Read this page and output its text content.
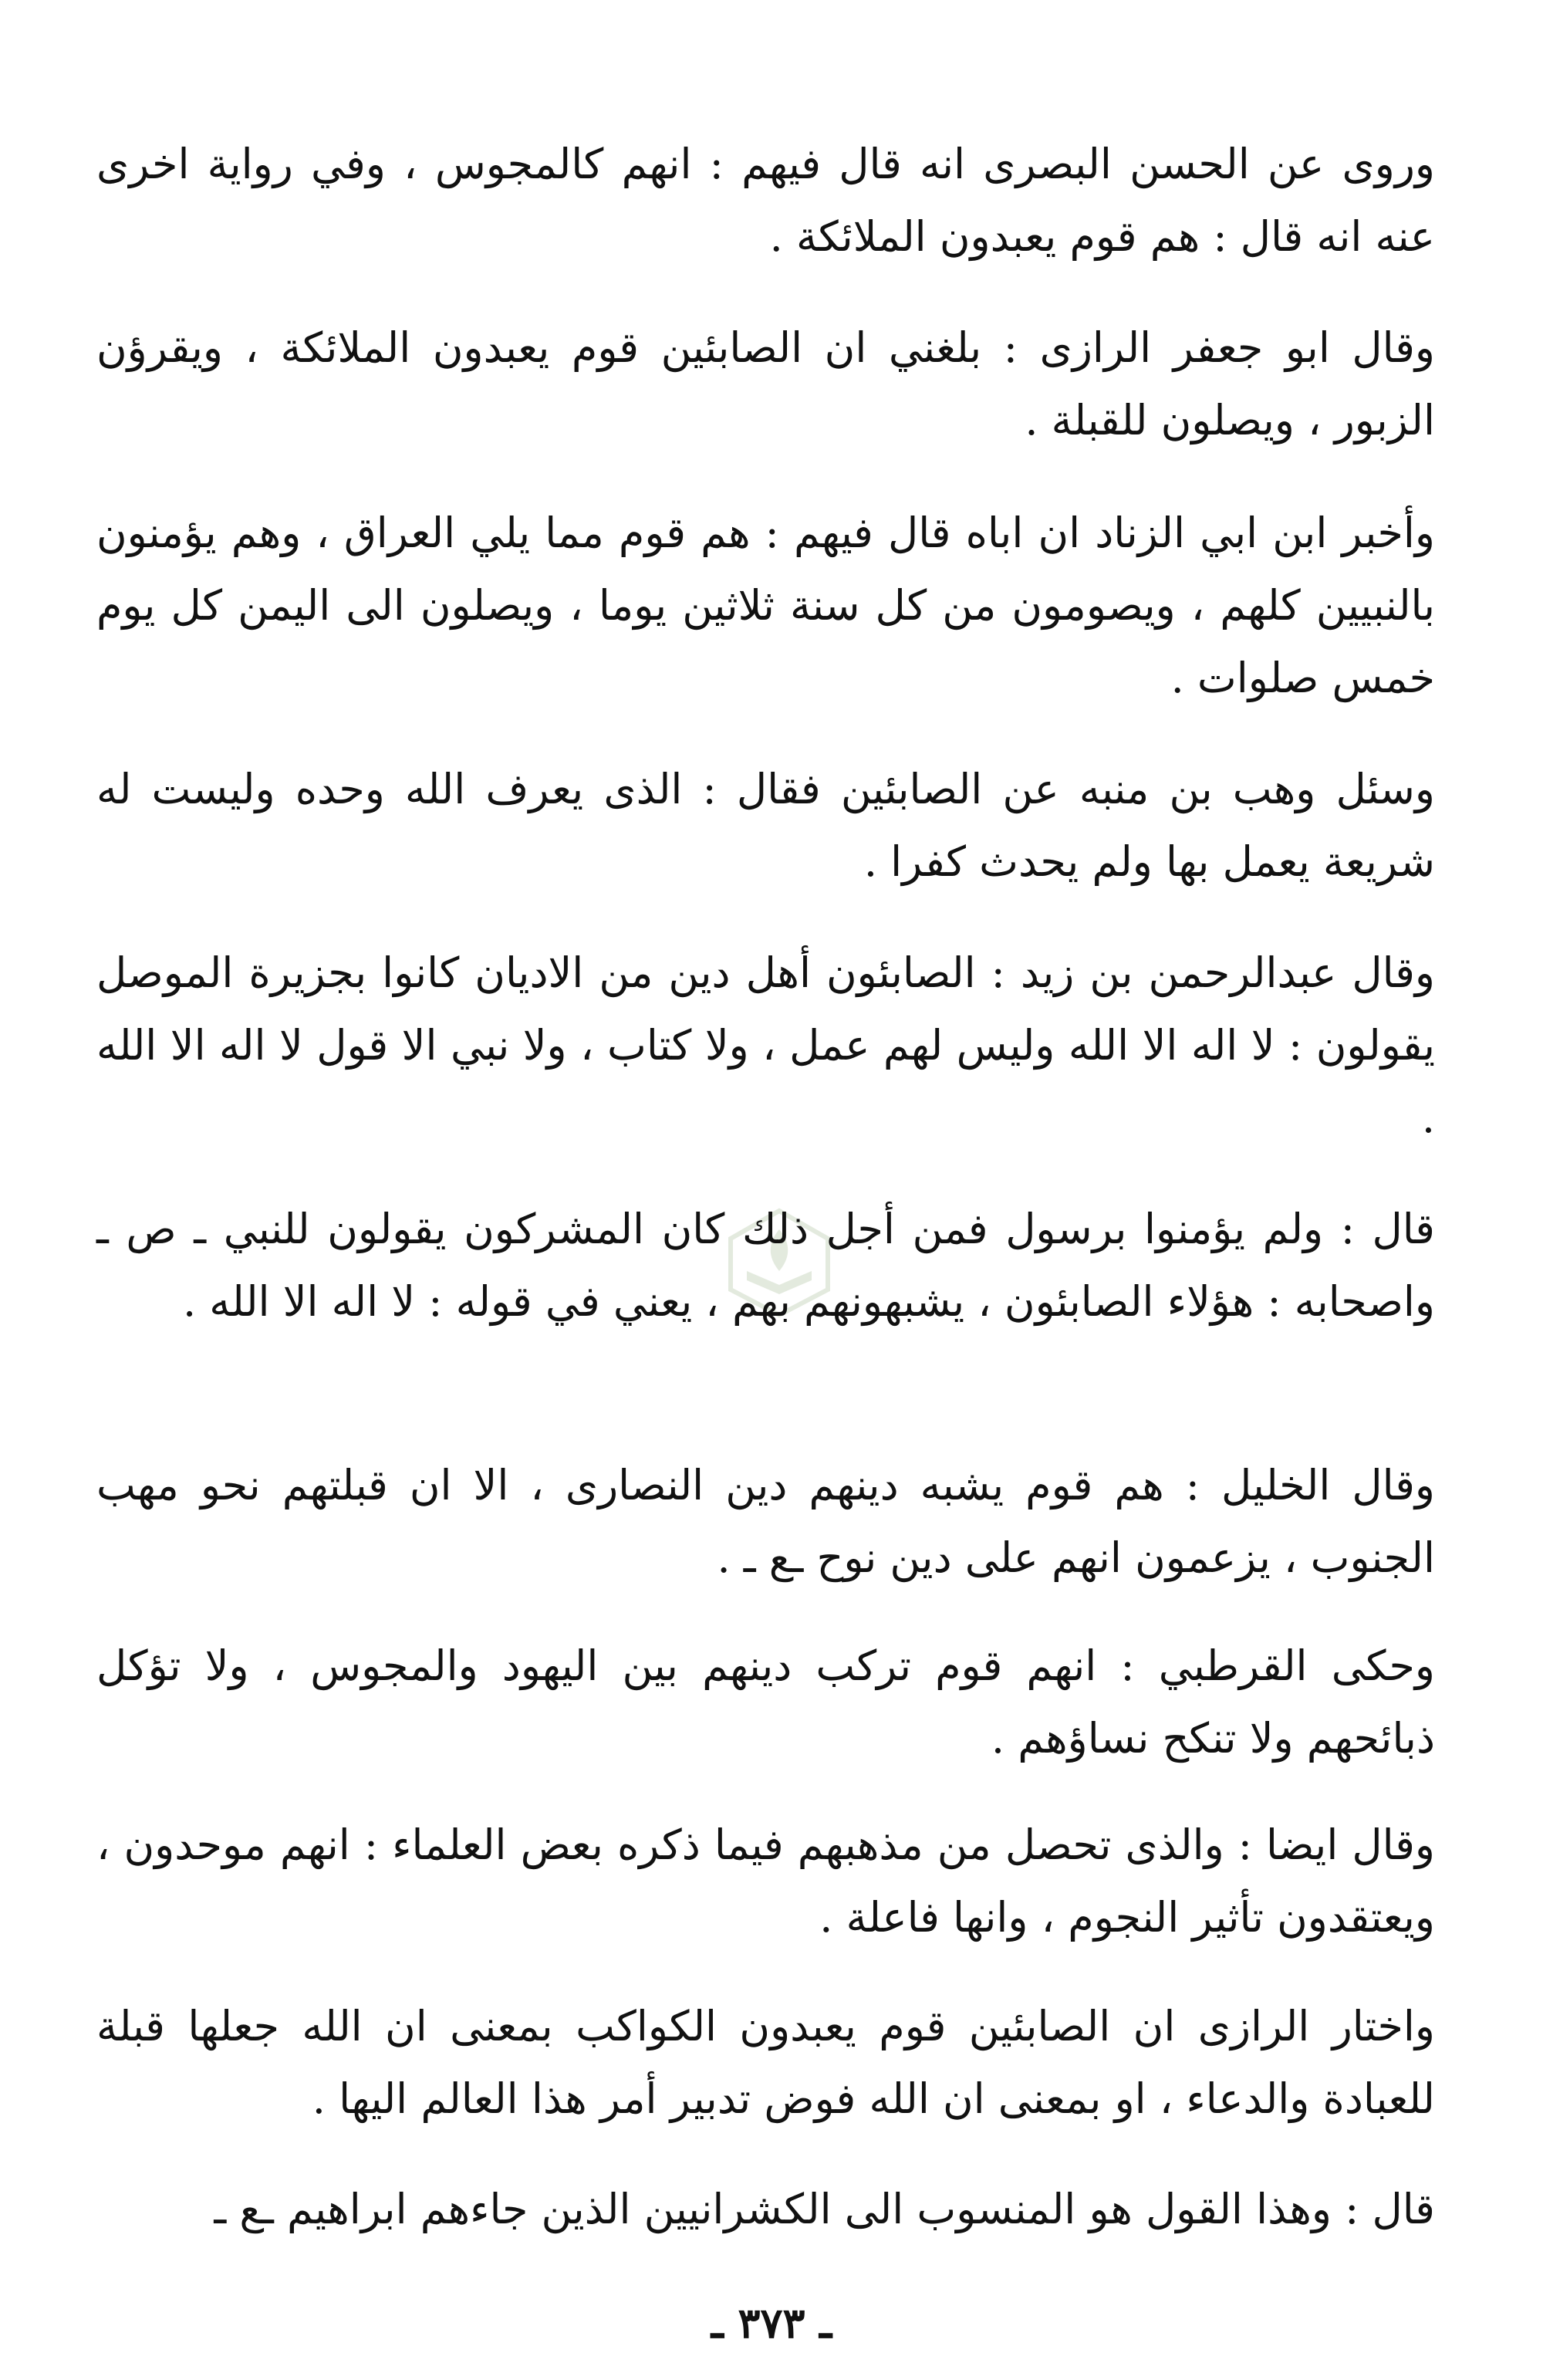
وروى عن الحسن البصرى انه قال فيهم : انهم كالمجوس ، وفي رواية اخرى عنه انه قال : هم قوم يعبدون الملائكة .

وقال ابو جعفر الرازى : بلغني ان الصابئين قوم يعبدون الملائكة ، ويقرؤن الزبور ، ويصلون للقبلة .

وأخبر ابن ابي الزناد ان اباه قال فيهم : هم قوم مما يلي العراق ، وهم يؤمنون بالنبيين كلهم ، ويصومون من كل سنة ثلاثين يوما ، ويصلون الى اليمن كل يوم خمس صلوات .

وسئل وهب بن منبه عن الصابئين فقال : الذى يعرف الله وحده وليست له شريعة يعمل بها ولم يحدث كفرا .

وقال عبدالرحمن بن زيد : الصابئون أهل دين من الاديان كانوا بجزيرة الموصل يقولون : لا اله الا الله وليس لهم عمل ، ولا كتاب ، ولا نبي الا قول لا اله الا الله .

قال : ولم يؤمنوا برسول فمن أجل ذلك كان المشركون يقولون للنبي ـ ص ـ واصحابه : هؤلاء الصابئون ، يشبهونهم بهم ، يعني في قوله : لا اله الا الله .

وقال الخليل : هم قوم يشبه دينهم دين النصارى ، الا ان قبلتهم نحو مهب الجنوب ، يزعمون انهم على دين نوح ـع ـ .

وحكى القرطبي : انهم قوم تركب دينهم بين اليهود والمجوس ، ولا تؤكل ذبائحهم ولا تنكح نساؤهم .

وقال ايضا : والذى تحصل من مذهبهم فيما ذكره بعض العلماء : انهم موحدون ، ويعتقدون تأثير النجوم ، وانها فاعلة .

واختار الرازى ان الصابئين قوم يعبدون الكواكب بمعنى ان الله جعلها قبلة للعبادة والدعاء ، او بمعنى ان الله فوض تدبير أمر هذا العالم اليها .

قال : وهذا القول هو المنسوب الى الكشرانيين الذين جاءهم ابراهيم ـع ـ

ـ ٣٧٣ ـ
